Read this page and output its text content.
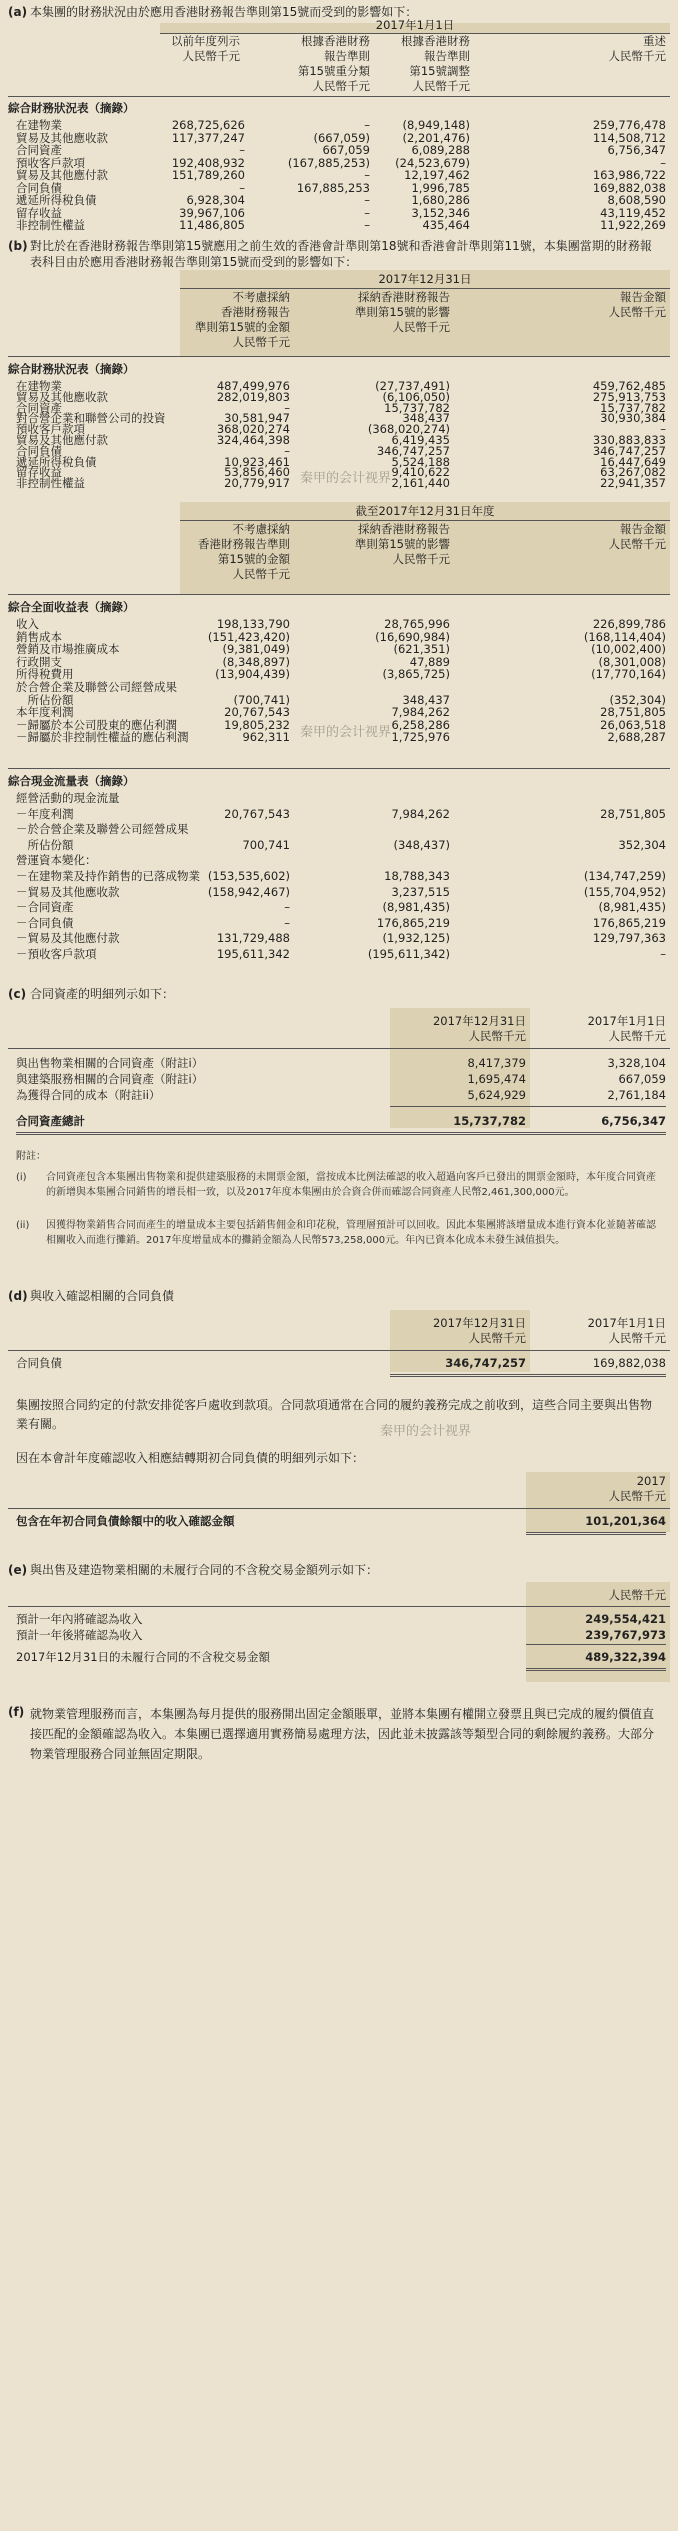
(a) 本集團的財務狀況由於應用香港財務報告準則第15號而受到的影響如下：
2017年1月1日
以前年度列示
人民幣千元
根據香港財務
報告準則
第15號重分類
人民幣千元
根據香港財務
報告準則
第15號調整
人民幣千元
重述
人民幣千元
綜合財務狀況表（摘錄）
在建物業	268,725,626	–	(8,949,148)	259,776,478
貿易及其他應收款	117,377,247	(667,059)	(2,201,476)	114,508,712
合同資產	–	667,059	6,089,288	6,756,347
預收客戶款項	192,408,932	(167,885,253)	(24,523,679)	–
貿易及其他應付款	151,789,260	–	12,197,462	163,986,722
合同負債	–	167,885,253	1,996,785	169,882,038
遞延所得稅負債	6,928,304	–	1,680,286	8,608,590
留存收益	39,967,106	–	3,152,346	43,119,452
非控制性權益	11,486,805	–	435,464	11,922,269
(b) 對比於在香港財務報告準則第15號應用之前生效的香港會計準則第18號和香港會計準則第11號，本集團當期的財務報表科目由於應用香港財務報告準則第15號而受到的影響如下：
2017年12月31日
不考慮採納
香港財務報告
準則第15號的金額
人民幣千元
採納香港財務報告
準則第15號的影響
人民幣千元
報告金額
人民幣千元
綜合財務狀況表（摘錄）
在建物業	487,499,976	(27,737,491)	459,762,485
貿易及其他應收款	282,019,803	(6,106,050)	275,913,753
合同資產	–	15,737,782	15,737,782
對合營企業和聯營公司的投資	30,581,947	348,437	30,930,384
預收客戶款項	368,020,274	(368,020,274)	–
貿易及其他應付款	324,464,398	6,419,435	330,883,833
合同負債	–	346,747,257	346,747,257
遞延所得稅負債	10,923,461	5,524,188	16,447,649
留存收益	53,856,460	9,410,622	63,267,082
非控制性權益	20,779,917	2,161,440	22,941,357
秦甲的会计视界
截至2017年12月31日年度
不考慮採納
香港財務報告準則
第15號的金額
人民幣千元
採納香港財務報告
準則第15號的影響
人民幣千元
報告金額
人民幣千元
綜合全面收益表（摘錄）
收入	198,133,790	28,765,996	226,899,786
銷售成本	(151,423,420)	(16,690,984)	(168,114,404)
營銷及市場推廣成本	(9,381,049)	(621,351)	(10,002,400)
行政開支	(8,348,897)	47,889	(8,301,008)
所得稅費用	(13,904,439)	(3,865,725)	(17,770,164)
於合營企業及聯營公司經營成果
　所佔份額	(700,741)	348,437	(352,304)
本年度利潤	20,767,543	7,984,262	28,751,805
－歸屬於本公司股東的應佔利潤	19,805,232	6,258,286	26,063,518
－歸屬於非控制性權益的應佔利潤	962,311	1,725,976	2,688,287
秦甲的会计视界
綜合現金流量表（摘錄）
經營活動的現金流量
－年度利潤	20,767,543	7,984,262	28,751,805
－於合營企業及聯營公司經營成果
　所佔份額	700,741	(348,437)	352,304
營運資本變化：
－在建物業及持作銷售的已落成物業 (153,535,602)	18,788,343	(134,747,259)
－貿易及其他應收款	(158,942,467)	3,237,515	(155,704,952)
－合同資產	–	(8,981,435)	(8,981,435)
－合同負債	–	176,865,219	176,865,219
－貿易及其他應付款	131,729,488	(1,932,125)	129,797,363
－預收客戶款項	195,611,342	(195,611,342)	–
(c) 合同資產的明細列示如下：
2017年12月31日
人民幣千元
2017年1月1日
人民幣千元
與出售物業相關的合同資產（附註i）	8,417,379	3,328,104
與建築服務相關的合同資產（附註i）	1,695,474	667,059
為獲得合同的成本（附註ii）	5,624,929	2,761,184
合同資產總計	15,737,782	6,756,347
附註：
(i)	合同資產包含本集團出售物業和提供建築服務的未開票金額，當按成本比例法確認的收入超過向客戶已發出的開票金額時，本年度合同資產的新增與本集團合同銷售的增長相一致，以及2017年度本集團由於合資合併而確認合同資產人民幣2,461,300,000元。
(ii)	因獲得物業銷售合同而產生的增量成本主要包括銷售佣金和印花稅，管理層預計可以回收。因此本集團將該增量成本進行資本化並隨著確認相關收入而進行攤銷。2017年度增量成本的攤銷金額為人民幣573,258,000元。年內已資本化成本未發生減值損失。
(d) 與收入確認相關的合同負債
2017年12月31日
人民幣千元
2017年1月1日
人民幣千元
合同負債	346,747,257	169,882,038
集團按照合同約定的付款安排從客戶處收到款項。合同款項通常在合同的履約義務完成之前收到，這些合同主要與出售物業有關。
因在本會計年度確認收入相應結轉期初合同負債的明細列示如下：
2017
人民幣千元
包含在年初合同負債餘額中的收入確認金額	101,201,364
秦甲的会计视界
(e) 與出售及建造物業相關的未履行合同的不含稅交易金額列示如下：
人民幣千元
預計一年內將確認為收入	249,554,421
預計一年後將確認為收入	239,767,973
2017年12月31日的未履行合同的不含稅交易金額	489,322,394
(f) 就物業管理服務而言，本集團為每月提供的服務開出固定金額賬單，並將本集團有權開立發票且與已完成的履約價值直接匹配的金額確認為收入。本集團已選擇適用實務簡易處理方法，因此並未披露該等類型合同的剩餘履約義務。大部分物業管理服務合同並無固定期限。
